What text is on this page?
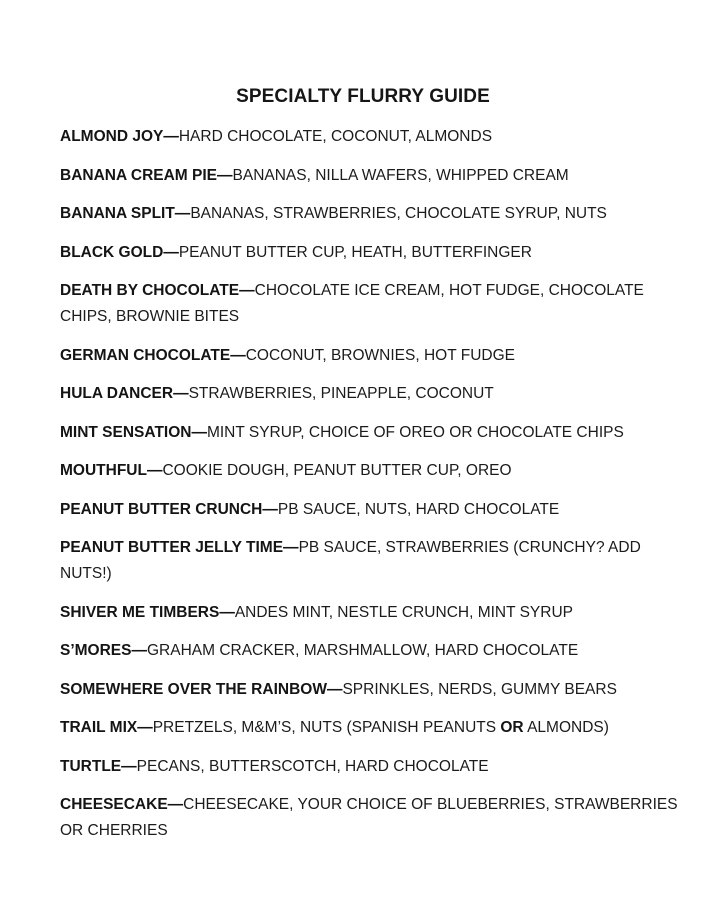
SPECIALTY FLURRY GUIDE

ALMOND JOY—HARD CHOCOLATE, COCONUT, ALMONDS

BANANA CREAM PIE—BANANAS, NILLA WAFERS, WHIPPED CREAM

BANANA SPLIT—BANANAS, STRAWBERRIES, CHOCOLATE SYRUP, NUTS

BLACK GOLD—PEANUT BUTTER CUP, HEATH, BUTTERFINGER

DEATH BY CHOCOLATE—CHOCOLATE ICE CREAM, HOT FUDGE, CHOCOLATE
CHIPS, BROWNIE BITES

GERMAN CHOCOLATE—COCONUT, BROWNIES, HOT FUDGE

HULA DANCER—STRAWBERRIES, PINEAPPLE, COCONUT

MINT SENSATION—MINT SYRUP, CHOICE OF OREO OR CHOCOLATE CHIPS

MOUTHFUL—COOKIE DOUGH, PEANUT BUTTER CUP, OREO

PEANUT BUTTER CRUNCH—PB SAUCE, NUTS, HARD CHOCOLATE

PEANUT BUTTER JELLY TIME—PB SAUCE, STRAWBERRIES (CRUNCHY? ADD
NUTS!)

SHIVER ME TIMBERS—ANDES MINT, NESTLE CRUNCH, MINT SYRUP

S’MORES—GRAHAM CRACKER, MARSHMALLOW, HARD CHOCOLATE

SOMEWHERE OVER THE RAINBOW—SPRINKLES, NERDS, GUMMY BEARS

TRAIL MIX—PRETZELS, M&M’S, NUTS (SPANISH PEANUTS OR ALMONDS)

TURTLE—PECANS, BUTTERSCOTCH, HARD CHOCOLATE

CHEESECAKE—CHEESECAKE, YOUR CHOICE OF BLUEBERRIES, STRAWBERRIES
OR CHERRIES
